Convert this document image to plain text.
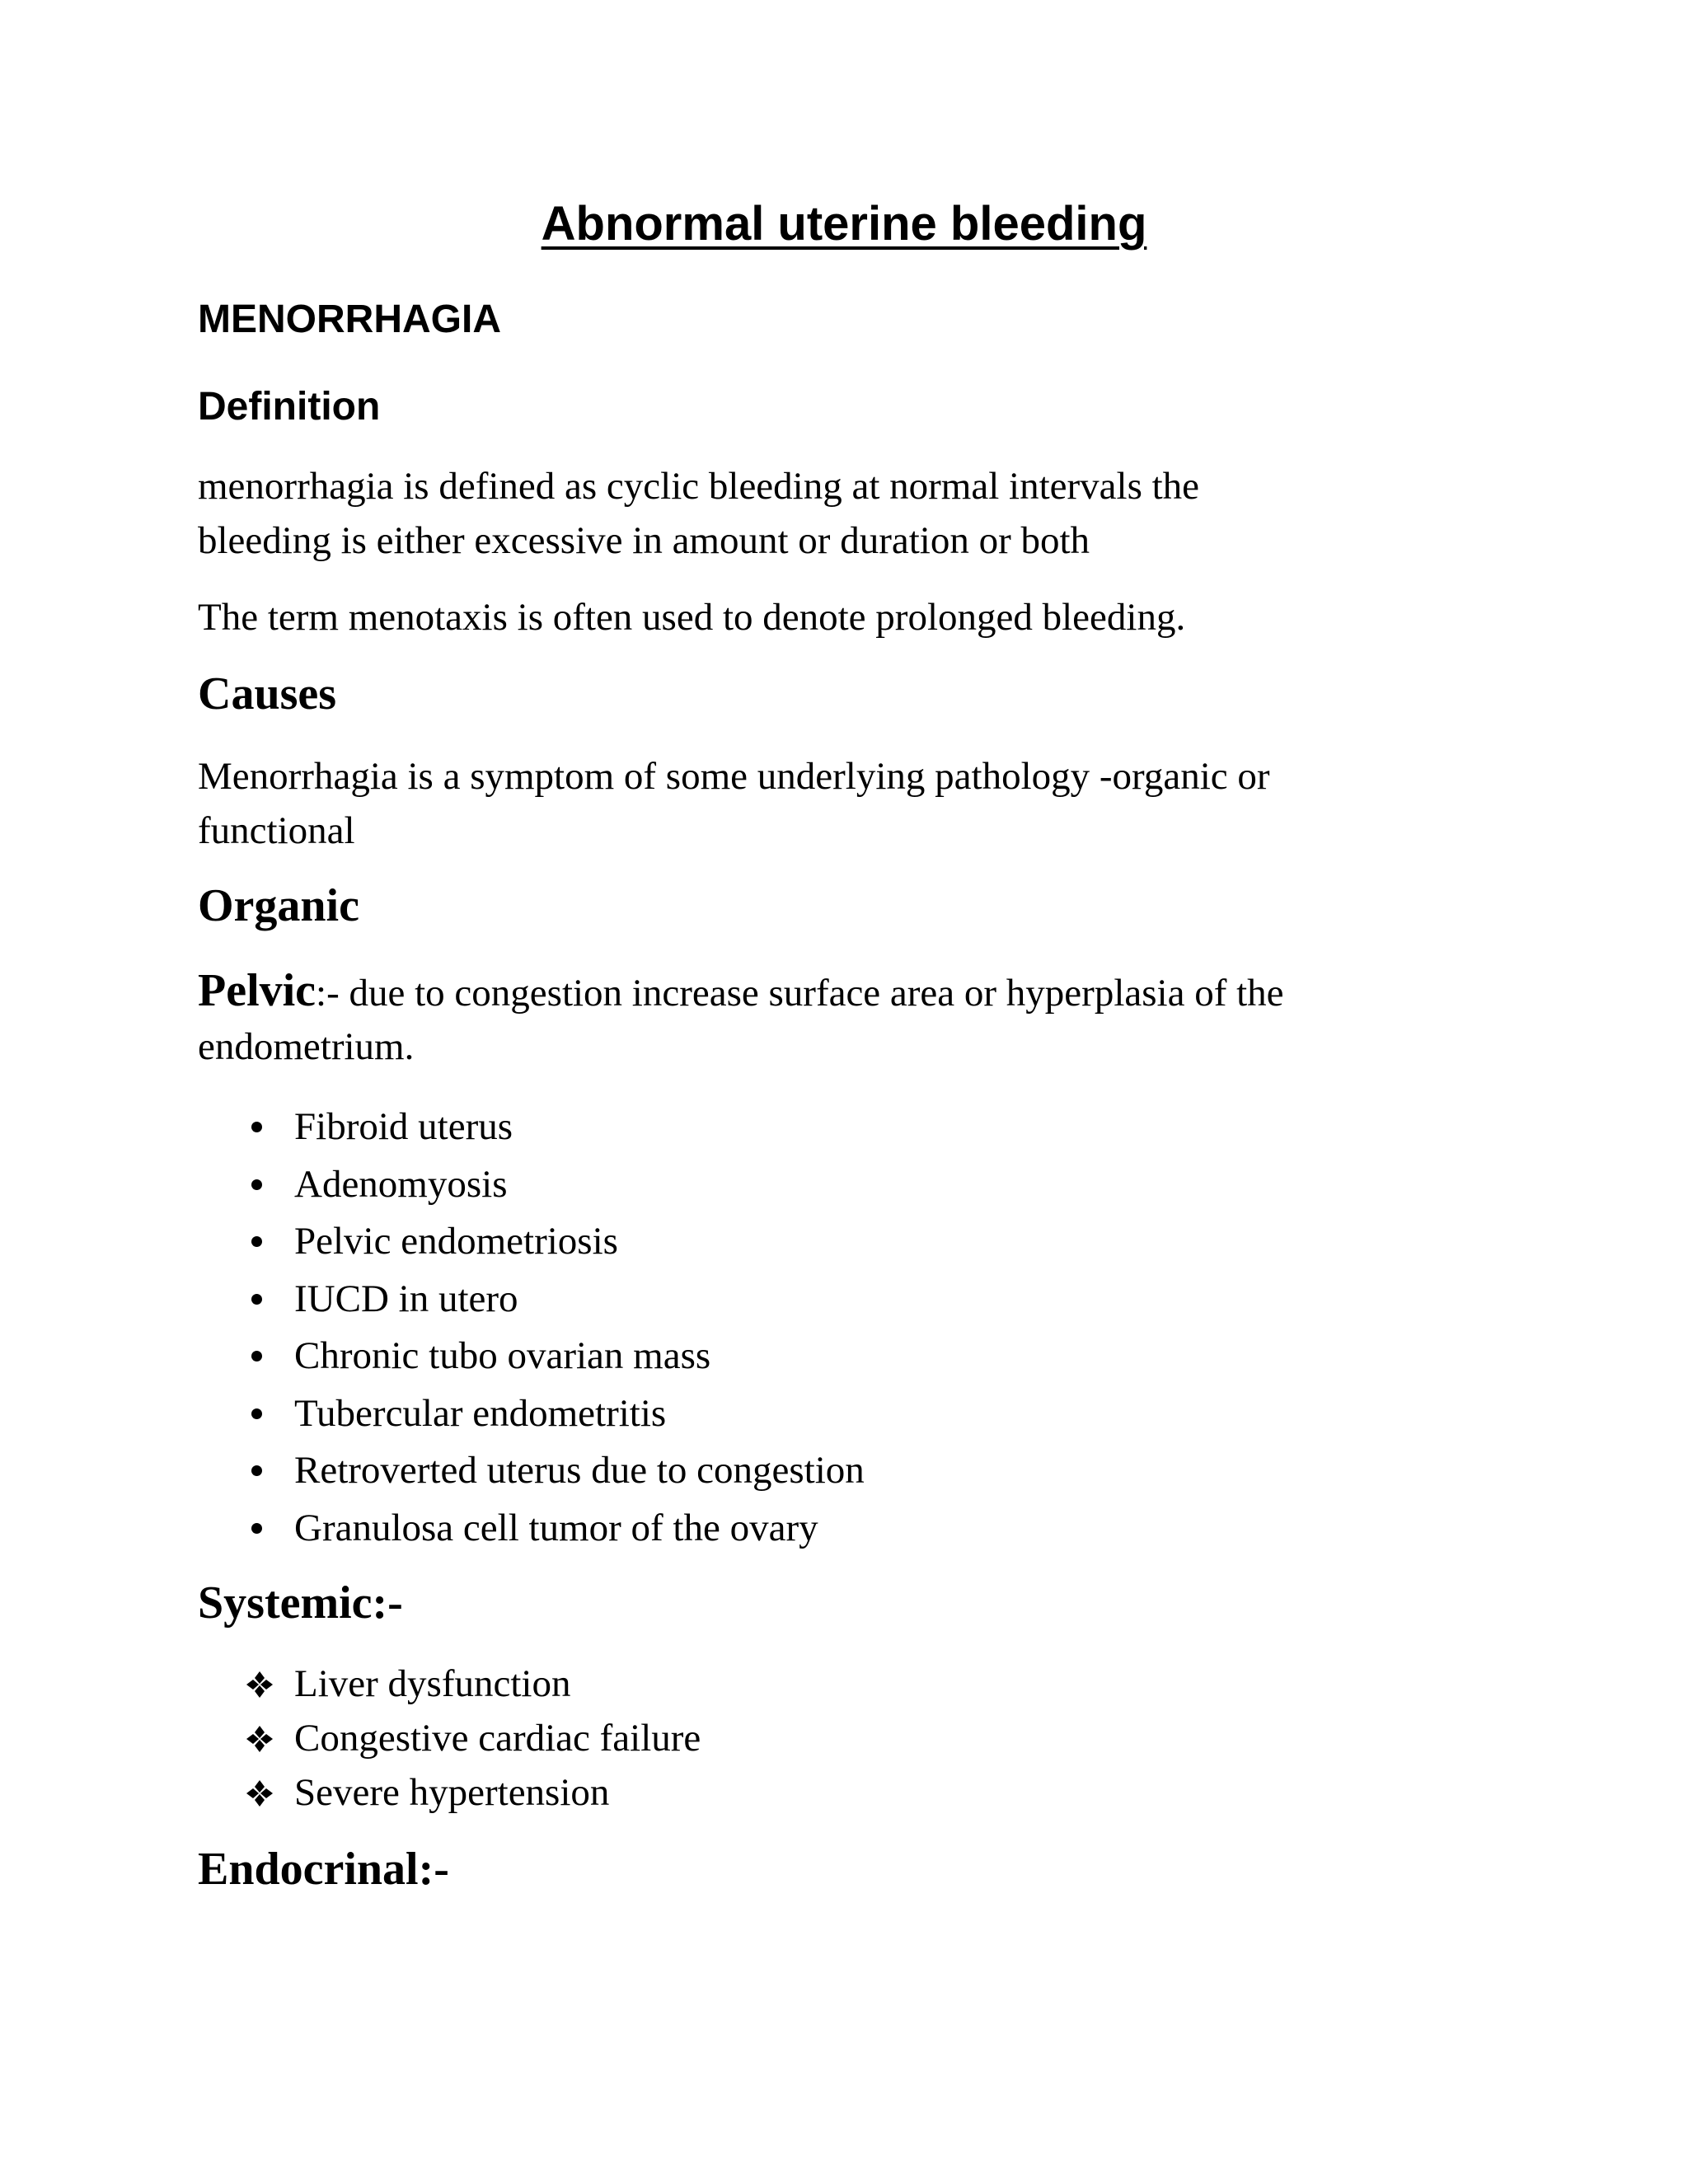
Abnormal uterine bleeding
MENORRHAGIA
Definition
menorrhagia is defined as cyclic bleeding at normal intervals the
bleeding is either excessive in amount or duration or both
The term menotaxis is often used to denote prolonged bleeding.
Causes
Menorrhagia is a symptom of some underlying pathology -organic or
functional
Organic
Pelvic:- due to congestion increase surface area or hyperplasia of the
endometrium.
Fibroid uterus
Adenomyosis
Pelvic endometriosis
IUCD in utero
Chronic tubo ovarian mass
Tubercular endometritis
Retroverted uterus due to congestion
Granulosa cell tumor of the ovary
Systemic:-
Liver dysfunction
Congestive cardiac failure
Severe hypertension
Endocrinal:-
